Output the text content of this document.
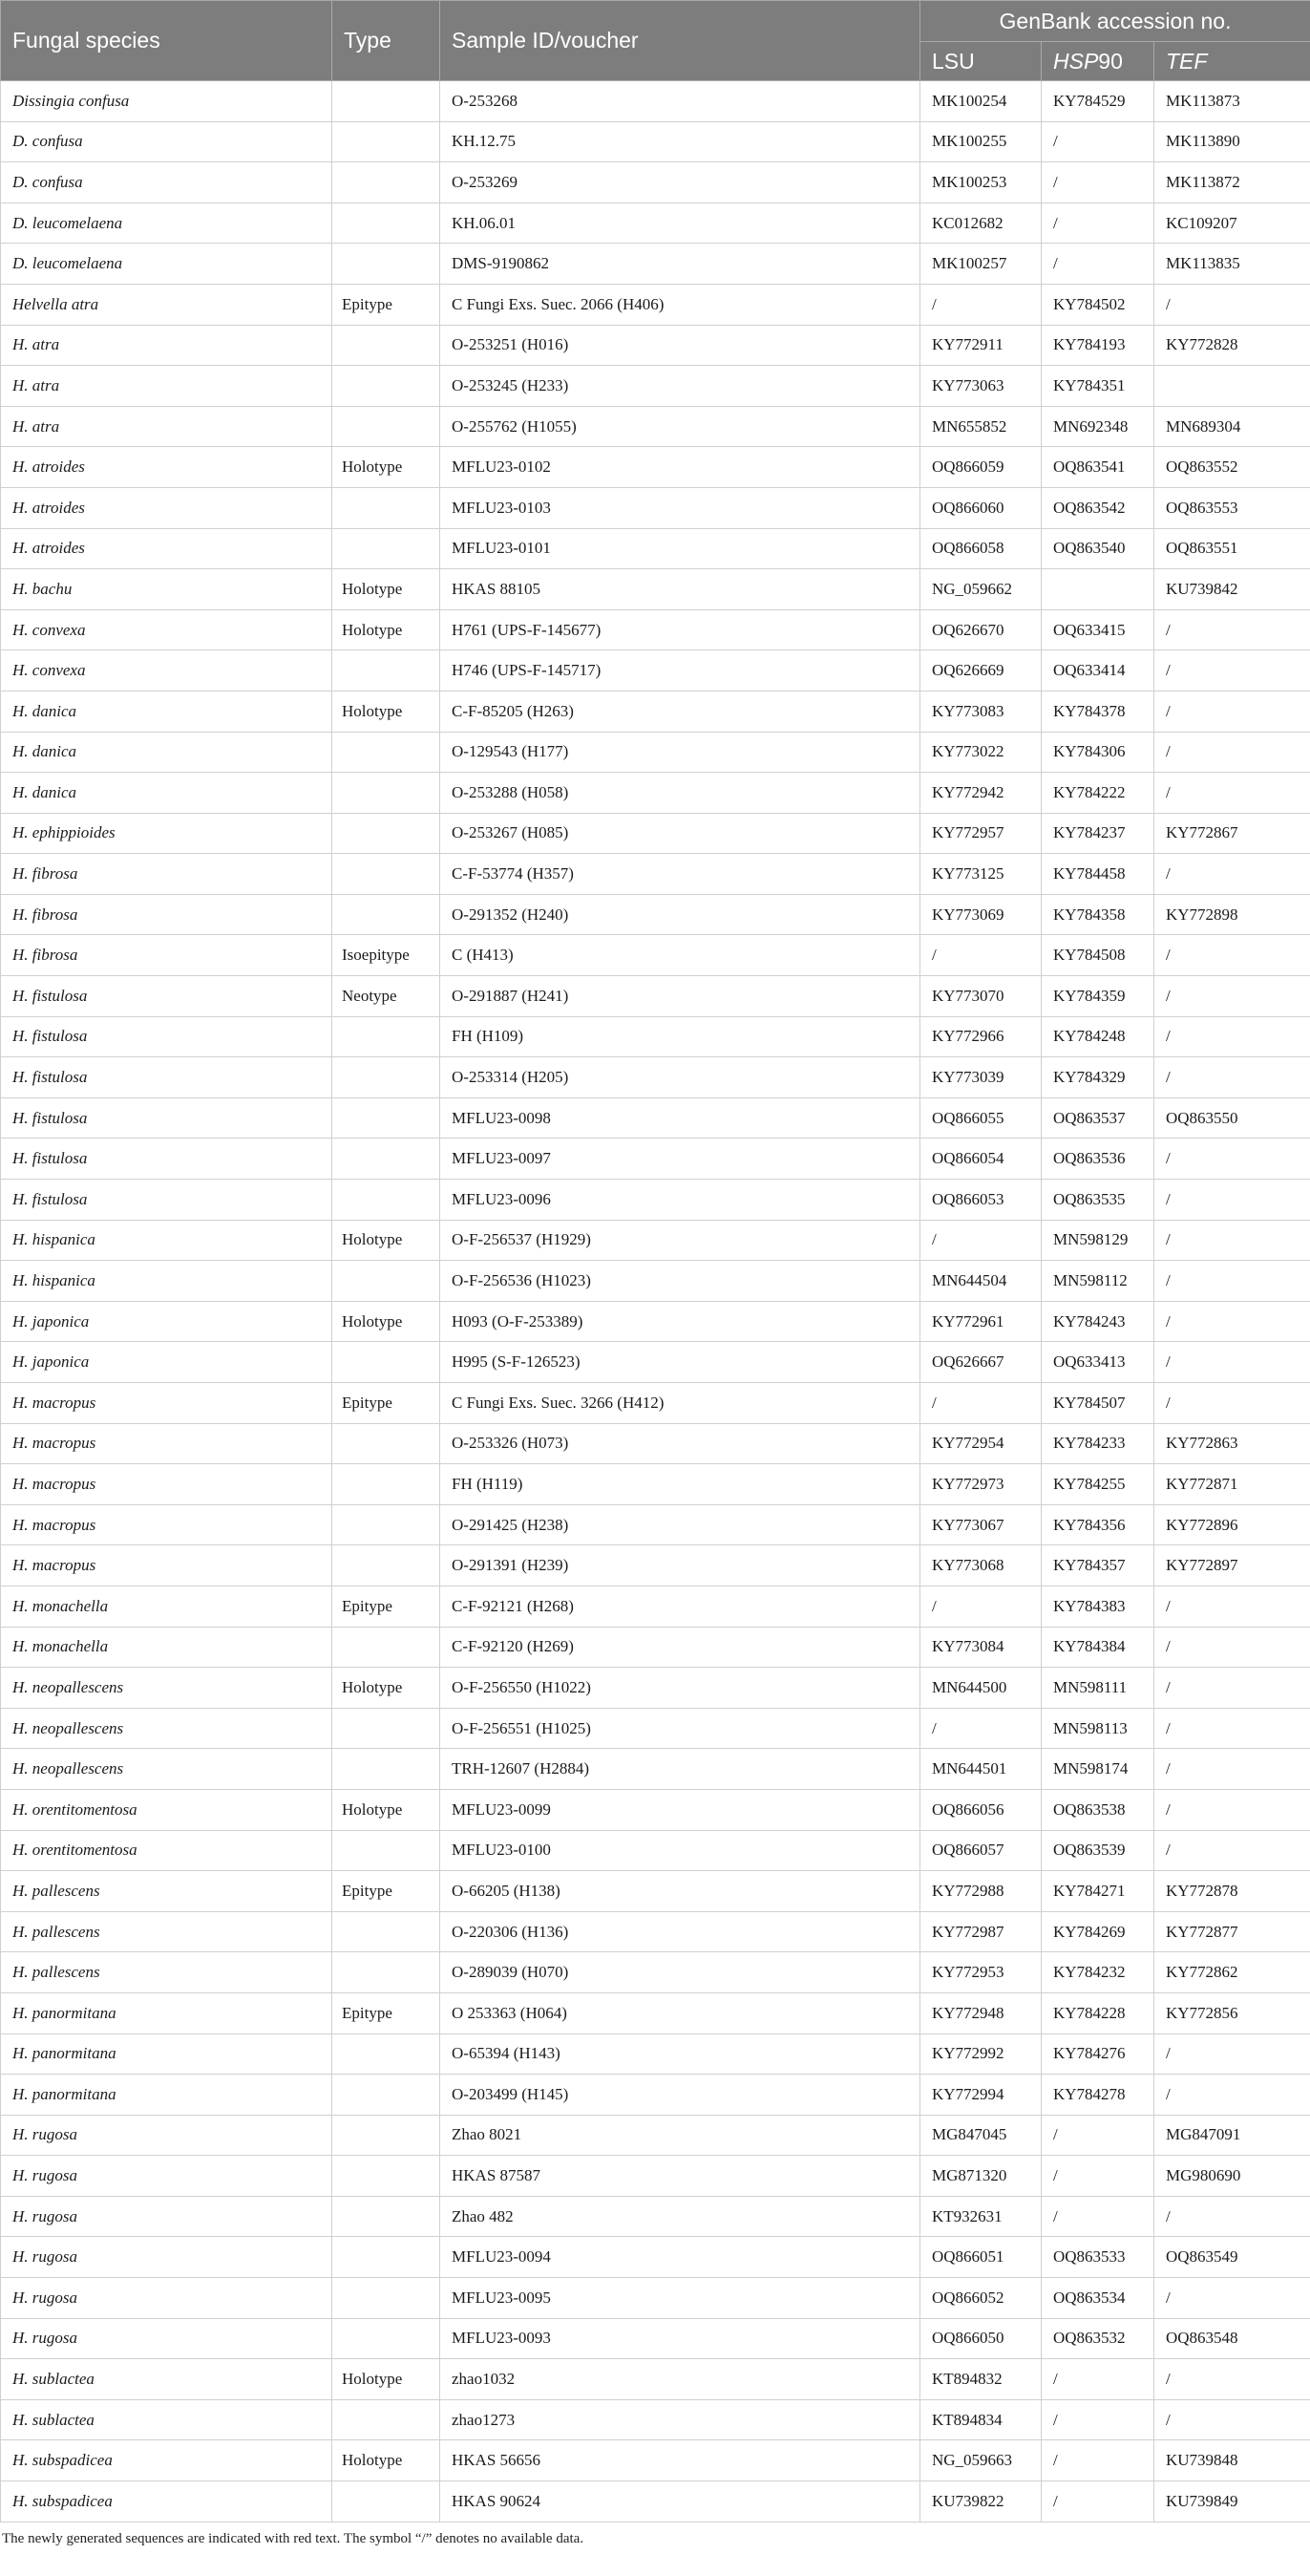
Fungal species	Type	Sample ID/voucher	GenBank accession no.		
			LSU	HSP90	TEF
Dissingia confusa		O-253268	MK100254	KY784529	MK113873
D. confusa		KH.12.75	MK100255	/	MK113890
D. confusa		O-253269	MK100253	/	MK113872
D. leucomelaena		KH.06.01	KC012682	/	KC109207
D. leucomelaena		DMS-9190862	MK100257	/	MK113835
Helvella atra	Epitype	C Fungi Exs. Suec. 2066 (H406)	/	KY784502	/
H. atra		O-253251 (H016)	KY772911	KY784193	KY772828
H. atra		O-253245 (H233)	KY773063	KY784351	
H. atra		O-255762 (H1055)	MN655852	MN692348	MN689304
H. atroides	Holotype	MFLU23-0102	OQ866059	OQ863541	OQ863552
H. atroides		MFLU23-0103	OQ866060	OQ863542	OQ863553
H. atroides		MFLU23-0101	OQ866058	OQ863540	OQ863551
H. bachu	Holotype	HKAS 88105	NG_059662		KU739842
H. convexa	Holotype	H761 (UPS-F-145677)	OQ626670	OQ633415	/
H. convexa		H746 (UPS-F-145717)	OQ626669	OQ633414	/
H. danica	Holotype	C-F-85205 (H263)	KY773083	KY784378	/
H. danica		O-129543 (H177)	KY773022	KY784306	/
H. danica		O-253288 (H058)	KY772942	KY784222	/
H. ephippioides		O-253267 (H085)	KY772957	KY784237	KY772867
H. fibrosa		C-F-53774 (H357)	KY773125	KY784458	/
H. fibrosa		O-291352 (H240)	KY773069	KY784358	KY772898
H. fibrosa	Isoepitype	C (H413)	/	KY784508	/
H. fistulosa	Neotype	O-291887 (H241)	KY773070	KY784359	/
H. fistulosa		FH (H109)	KY772966	KY784248	/
H. fistulosa		O-253314 (H205)	KY773039	KY784329	/
H. fistulosa		MFLU23-0098	OQ866055	OQ863537	OQ863550
H. fistulosa		MFLU23-0097	OQ866054	OQ863536	/
H. fistulosa		MFLU23-0096	OQ866053	OQ863535	/
H. hispanica	Holotype	O-F-256537 (H1929)	/	MN598129	/
H. hispanica		O-F-256536 (H1023)	MN644504	MN598112	/
H. japonica	Holotype	H093 (O-F-253389)	KY772961	KY784243	/
H. japonica		H995 (S-F-126523)	OQ626667	OQ633413	/
H. macropus	Epitype	C Fungi Exs. Suec. 3266 (H412)	/	KY784507	/
H. macropus		O-253326 (H073)	KY772954	KY784233	KY772863
H. macropus		FH (H119)	KY772973	KY784255	KY772871
H. macropus		O-291425 (H238)	KY773067	KY784356	KY772896
H. macropus		O-291391 (H239)	KY773068	KY784357	KY772897
H. monachella	Epitype	C-F-92121 (H268)	/	KY784383	/
H. monachella		C-F-92120 (H269)	KY773084	KY784384	/
H. neopallescens	Holotype	O-F-256550 (H1022)	MN644500	MN598111	/
H. neopallescens		O-F-256551 (H1025)	/	MN598113	/
H. neopallescens		TRH-12607 (H2884)	MN644501	MN598174	/
H. orentitomentosa	Holotype	MFLU23-0099	OQ866056	OQ863538	/
H. orentitomentosa		MFLU23-0100	OQ866057	OQ863539	/
H. pallescens	Epitype	O-66205 (H138)	KY772988	KY784271	KY772878
H. pallescens		O-220306 (H136)	KY772987	KY784269	KY772877
H. pallescens		O-289039 (H070)	KY772953	KY784232	KY772862
H. panormitana	Epitype	O 253363 (H064)	KY772948	KY784228	KY772856
H. panormitana		O-65394 (H143)	KY772992	KY784276	/
H. panormitana		O-203499 (H145)	KY772994	KY784278	/
H. rugosa		Zhao 8021	MG847045	/	MG847091
H. rugosa		HKAS 87587	MG871320	/	MG980690
H. rugosa		Zhao 482	KT932631	/	/
H. rugosa		MFLU23-0094	OQ866051	OQ863533	OQ863549
H. rugosa		MFLU23-0095	OQ866052	OQ863534	/
H. rugosa		MFLU23-0093	OQ866050	OQ863532	OQ863548
H. sublactea	Holotype	zhao1032	KT894832	/	/
H. sublactea		zhao1273	KT894834	/	/
H. subspadicea	Holotype	HKAS 56656	NG_059663	/	KU739848
H. subspadicea		HKAS 90624	KU739822	/	KU739849
The newly generated sequences are indicated with red text. The symbol “/” denotes no available data.
